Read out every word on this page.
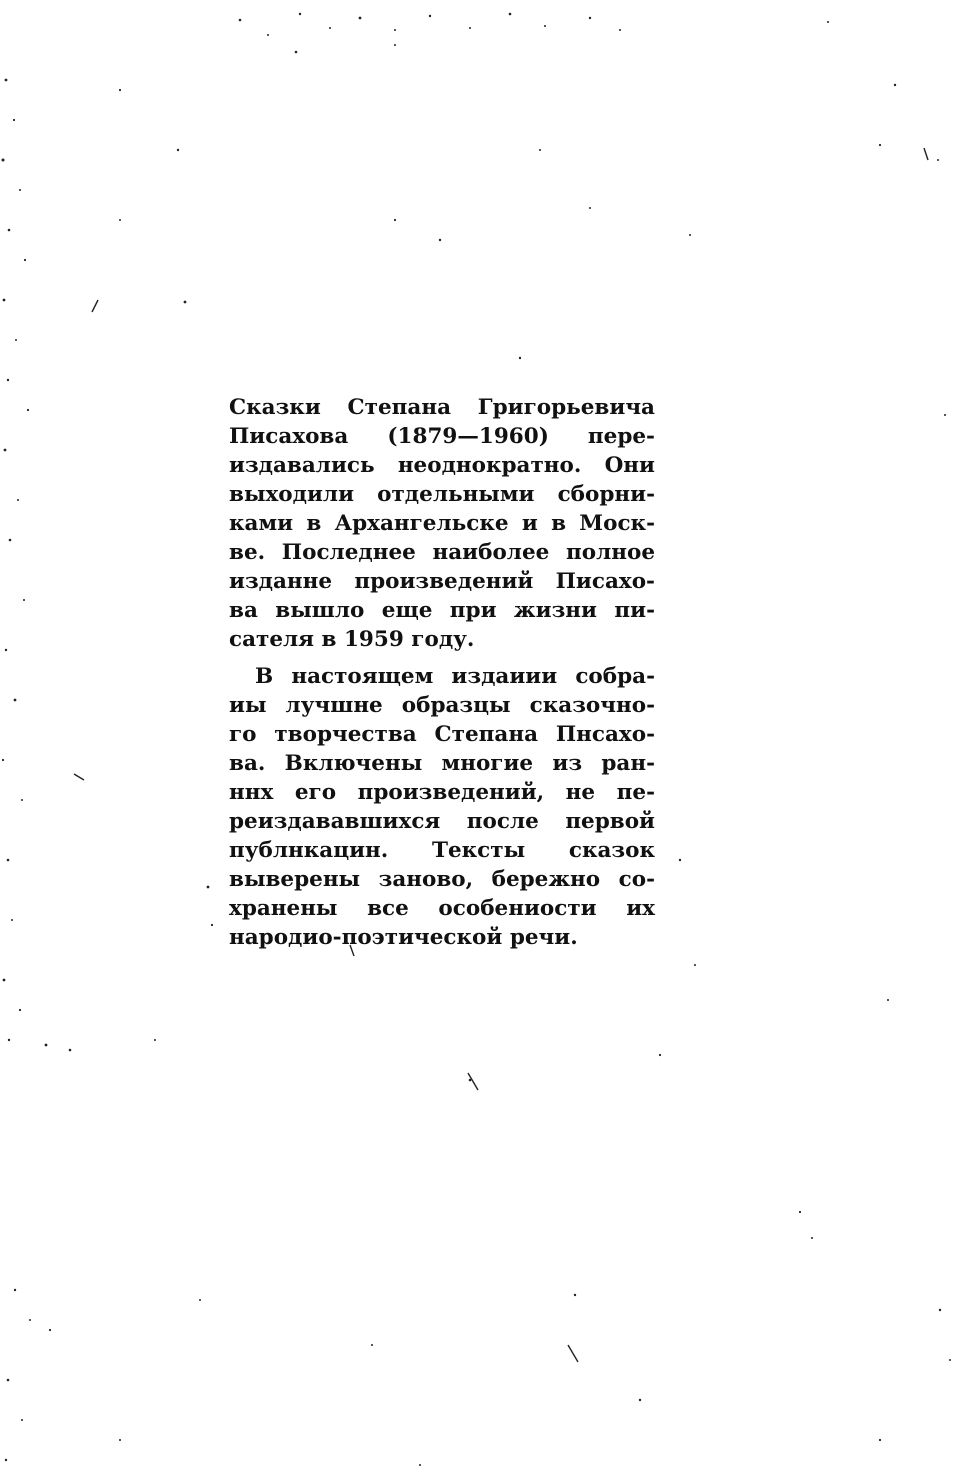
Сказки Степана Григорьевича
Писахова (1879—1960) пере-
издавались неоднократно. Они
выходили отдельными сборни-
ками в Архангельске и в Моск-
ве. Последнее наиболее полное
изданне произведений Писахо-
ва вышло еще при жизни пи-
сателя в 1959 году.
В настоящем издаиии собра-
иы лучшне образцы сказочно-
го творчества Степана Пнсахо-
ва. Включены многие из ран-
ннх его произведений, не пе-
реиздававшихся после первой
публнкацин. Тексты сказок
выверены заново, бережно со-
хранены все особениости их
народио-поэтической речи.
